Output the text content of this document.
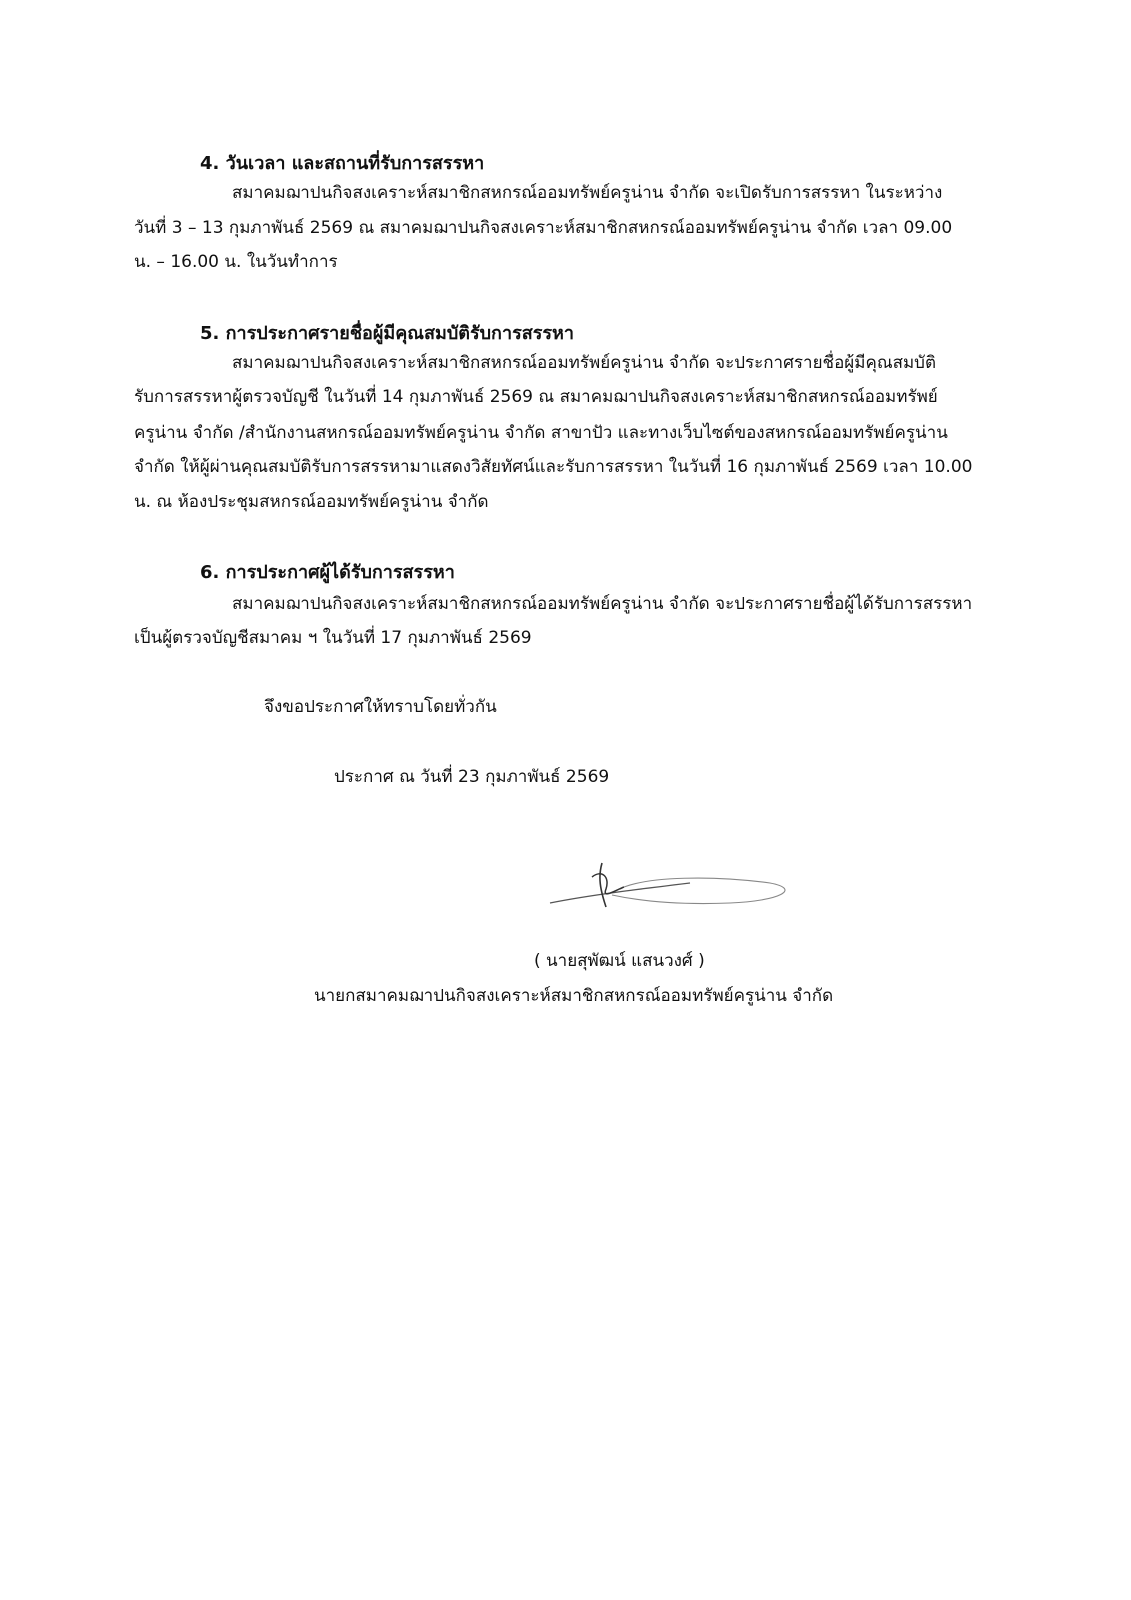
4. วันเวลา และสถานที่รับการสรรหา
สมาคมฌาปนกิจสงเคราะห์สมาชิกสหกรณ์ออมทรัพย์ครูน่าน จำกัด จะเปิดรับการสรรหา ในระหว่าง
วันที่ 3 – 13 กุมภาพันธ์ 2569 ณ สมาคมฌาปนกิจสงเคราะห์สมาชิกสหกรณ์ออมทรัพย์ครูน่าน จำกัด เวลา 09.00
น. – 16.00 น. ในวันทำการ
5. การประกาศรายชื่อผู้มีคุณสมบัติรับการสรรหา
สมาคมฌาปนกิจสงเคราะห์สมาชิกสหกรณ์ออมทรัพย์ครูน่าน จำกัด จะประกาศรายชื่อผู้มีคุณสมบัติ
รับการสรรหาผู้ตรวจบัญชี ในวันที่ 14 กุมภาพันธ์ 2569 ณ สมาคมฌาปนกิจสงเคราะห์สมาชิกสหกรณ์ออมทรัพย์
ครูน่าน จำกัด /สำนักงานสหกรณ์ออมทรัพย์ครูน่าน จำกัด สาขาปัว และทางเว็บไซต์ของสหกรณ์ออมทรัพย์ครูน่าน
จำกัด ให้ผู้ผ่านคุณสมบัติรับการสรรหามาแสดงวิสัยทัศน์และรับการสรรหา ในวันที่ 16 กุมภาพันธ์ 2569 เวลา 10.00
น. ณ ห้องประชุมสหกรณ์ออมทรัพย์ครูน่าน จำกัด
6. การประกาศผู้ได้รับการสรรหา
สมาคมฌาปนกิจสงเคราะห์สมาชิกสหกรณ์ออมทรัพย์ครูน่าน จำกัด จะประกาศรายชื่อผู้ได้รับการสรรหา
เป็นผู้ตรวจบัญชีสมาคม ฯ ในวันที่ 17 กุมภาพันธ์ 2569
จึงขอประกาศให้ทราบโดยทั่วกัน
ประกาศ ณ วันที่ 23 กุมภาพันธ์ 2569
( นายสุพัฒน์ แสนวงศ์ )
นายกสมาคมฌาปนกิจสงเคราะห์สมาชิกสหกรณ์ออมทรัพย์ครูน่าน จำกัด
